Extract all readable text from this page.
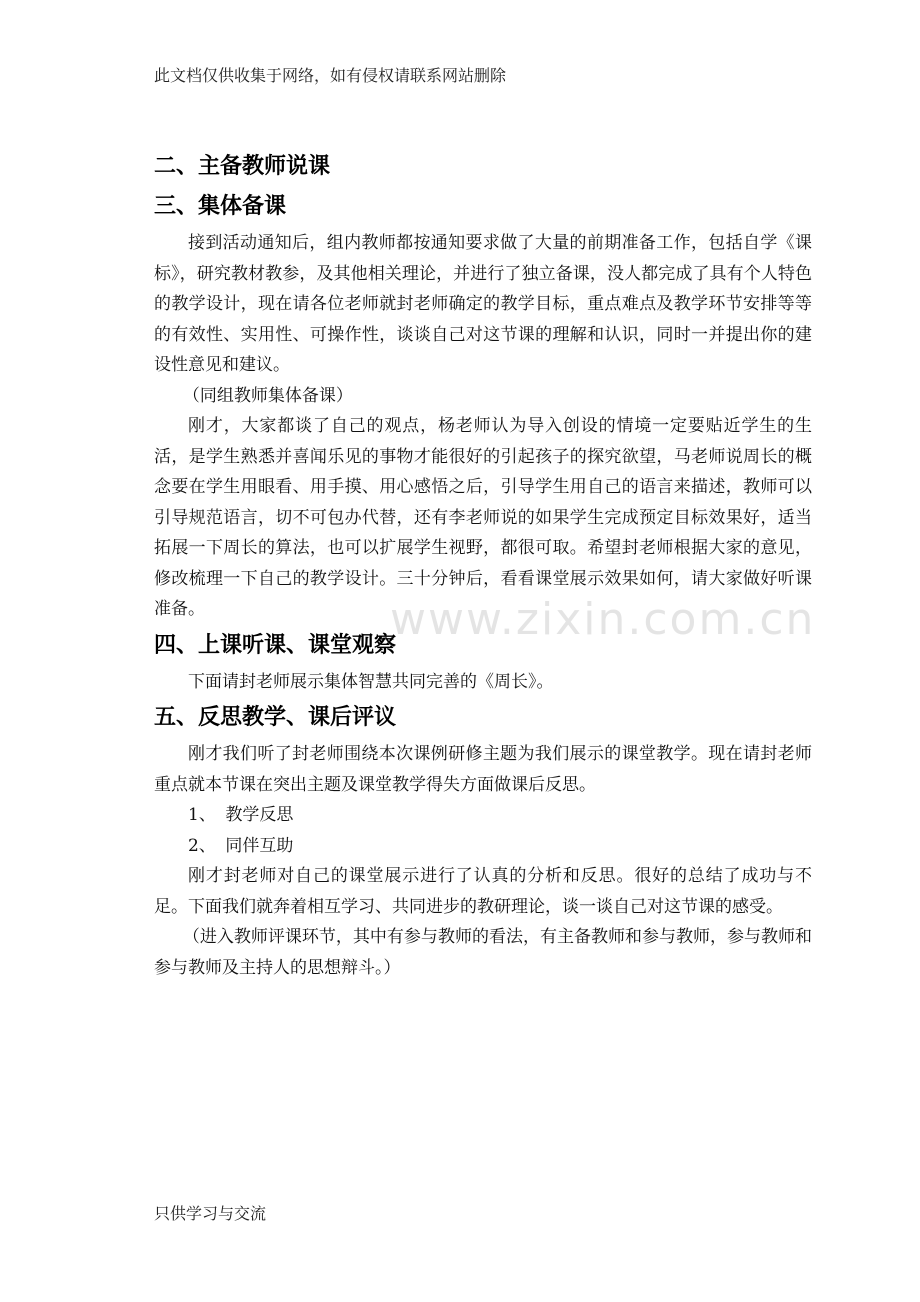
此文档仅供收集于网络，如有侵权请联系网站删除
www.zixin.com.cn
二、主备教师说课
三、集体备课

接到活动通知后，组内教师都按通知要求做了大量的前期准备工作，包括自学《课标》，研究教材教参，及其他相关理论，并进行了独立备课，没人都完成了具有个人特色的教学设计，现在请各位老师就封老师确定的教学目标，重点难点及教学环节安排等等的有效性、实用性、可操作性，谈谈自己对这节课的理解和认识，同时一并提出你的建设性意见和建议。

（同组教师集体备课）

刚才，大家都谈了自己的观点，杨老师认为导入创设的情境一定要贴近学生的生活，是学生熟悉并喜闻乐见的事物才能很好的引起孩子的探究欲望，马老师说周长的概念要在学生用眼看、用手摸、用心感悟之后，引导学生用自己的语言来描述，教师可以引导规范语言，切不可包办代替，还有李老师说的如果学生完成预定目标效果好，适当拓展一下周长的算法，也可以扩展学生视野，都很可取。希望封老师根据大家的意见，修改梳理一下自己的教学设计。三十分钟后，看看课堂展示效果如何，请大家做好听课准备。

四、上课听课、课堂观察

下面请封老师展示集体智慧共同完善的《周长》。

五、反思教学、课后评议

刚才我们听了封老师围绕本次课例研修主题为我们展示的课堂教学。现在请封老师重点就本节课在突出主题及课堂教学得失方面做课后反思。

1、 教学反思
2、 同伴互助

刚才封老师对自己的课堂展示进行了认真的分析和反思。很好的总结了成功与不足。下面我们就奔着相互学习、共同进步的教研理论，谈一谈自己对这节课的感受。

（进入教师评课环节，其中有参与教师的看法，有主备教师和参与教师，参与教师和参与教师及主持人的思想辩斗。）

只供学习与交流
